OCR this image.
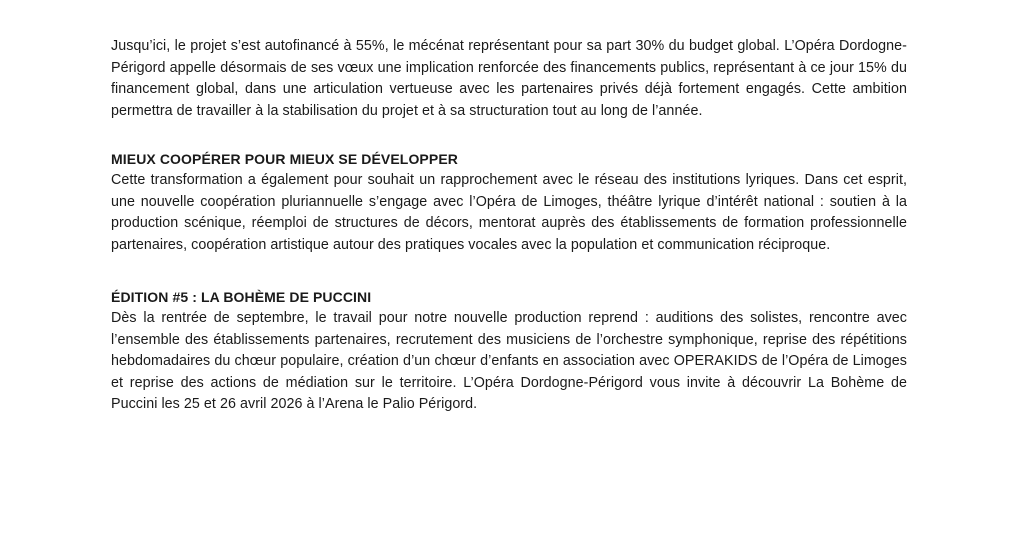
Jusqu’ici, le projet s’est autofinancé à 55%, le mécénat représentant pour sa part 30% du budget global. L’Opéra Dordogne-Périgord appelle désormais de ses vœux une implication renforcée des financements publics, représentant à ce jour 15% du financement global, dans une articulation vertueuse avec les partenaires privés déjà fortement engagés. Cette ambition permettra de travailler à la stabilisation du projet et à sa structuration tout au long de l’année.

MIEUX COOPÉRER POUR MIEUX SE DÉVELOPPER

Cette transformation a également pour souhait un rapprochement avec le réseau des institutions lyriques. Dans cet esprit, une nouvelle coopération pluriannuelle s’engage avec l’Opéra de Limoges, théâtre lyrique d’intérêt national : soutien à la production scénique, réemploi de structures de décors, mentorat auprès des établissements de formation professionnelle partenaires, coopération artistique autour des pratiques vocales avec la population et communication réciproque.

ÉDITION #5 : LA BOHÈME DE PUCCINI

Dès la rentrée de septembre, le travail pour notre nouvelle production reprend : auditions des solistes, rencontre avec l’ensemble des établissements partenaires, recrutement des musiciens de l’orchestre symphonique, reprise des répétitions hebdomadaires du chœur populaire, création d’un chœur d’enfants en association avec OPERAKIDS de l’Opéra de Limoges et reprise des actions de médiation sur le territoire. L’Opéra Dordogne-Périgord vous invite à découvrir La Bohème de Puccini les 25 et 26 avril 2026 à l’Arena le Palio Périgord.
